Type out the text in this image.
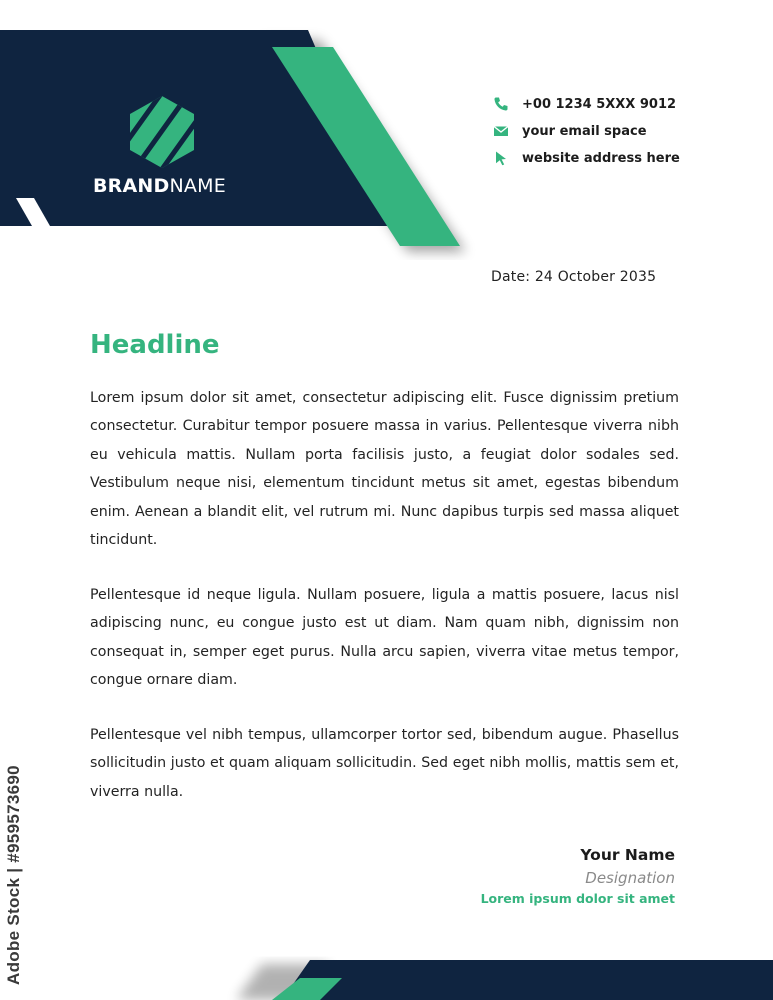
BRANDNAME
+00 1234 5XXX 9012
your email space
website address here
Date: 24 October 2035
Headline

Lorem ipsum dolor sit amet, consectetur adipiscing elit. Fusce dignissim pretium consectetur. Curabitur tempor posuere massa in varius. Pellentesque viverra nibh eu vehicula mattis. Nullam porta facilisis justo, a feugiat dolor sodales sed. Vestibulum neque nisi, elementum tincidunt metus sit amet, egestas bibendum enim. Aenean a blandit elit, vel rutrum mi. Nunc dapibus turpis sed massa aliquet tincidunt.

Pellentesque id neque ligula. Nullam posuere, ligula a mattis posuere, lacus nisl adipiscing nunc, eu congue justo est ut diam. Nam quam nibh, dignissim non consequat in, semper eget purus. Nulla arcu sapien, viverra vitae metus tempor, congue ornare diam.

Pellentesque vel nibh tempus, ullamcorper tortor sed, bibendum augue. Phasellus sollicitudin justo et quam aliquam sollicitudin. Sed eget nibh mollis, mattis sem et, viverra nulla.

Your Name
Designation
Lorem ipsum dolor sit amet
Adobe Stock | #959573690
